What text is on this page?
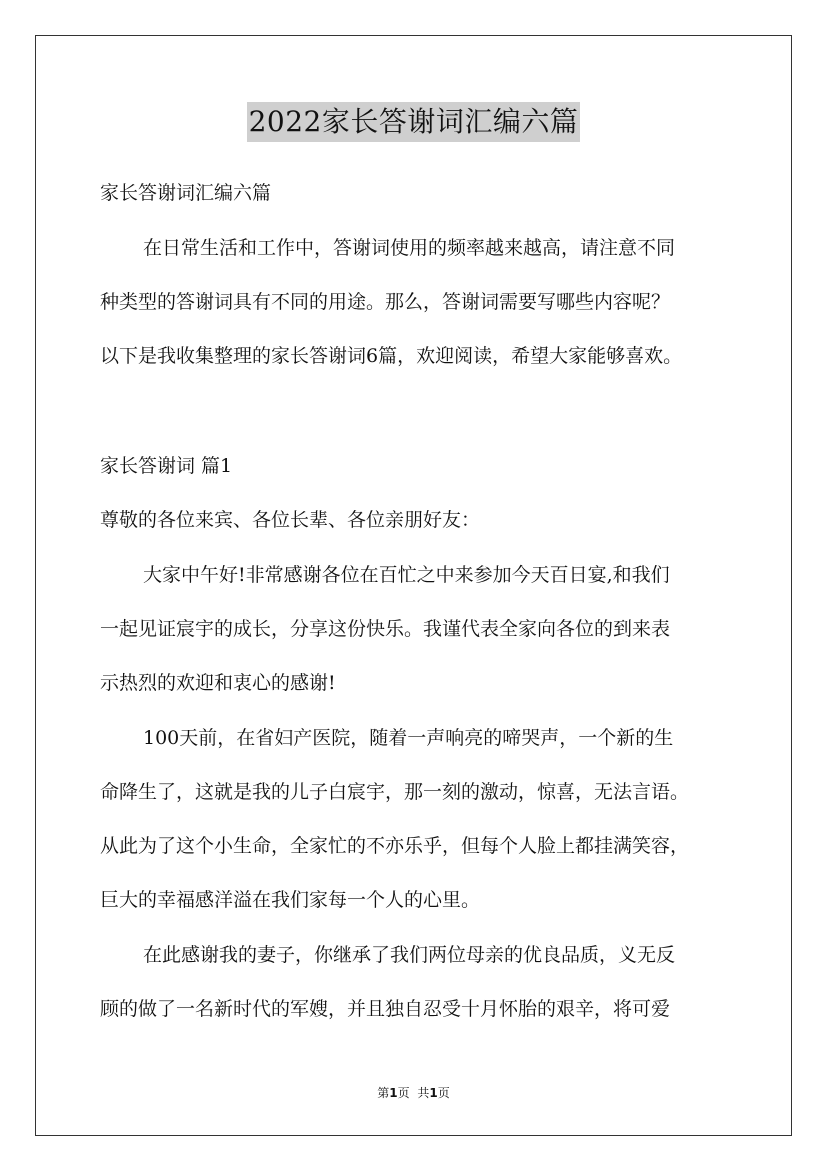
2022家长答谢词汇编六篇
家长答谢词汇编六篇
在日常生活和工作中，答谢词使用的频率越来越高，请注意不同
种类型的答谢词具有不同的用途。那么，答谢词需要写哪些内容呢？
以下是我收集整理的家长答谢词6篇，欢迎阅读，希望大家能够喜欢。
家长答谢词 篇1
尊敬的各位来宾、各位长辈、各位亲朋好友：
大家中午好!非常感谢各位在百忙之中来参加今天百日宴,和我们
一起见证宸宇的成长，分享这份快乐。我谨代表全家向各位的到来表
示热烈的欢迎和衷心的感谢!
100天前，在省妇产医院，随着一声响亮的啼哭声，一个新的生
命降生了，这就是我的儿子白宸宇，那一刻的激动，惊喜，无法言语。
从此为了这个小生命，全家忙的不亦乐乎，但每个人脸上都挂满笑容，
巨大的幸福感洋溢在我们家每一个人的心里。
在此感谢我的妻子，你继承了我们两位母亲的优良品质，义无反
顾的做了一名新时代的军嫂，并且独自忍受十月怀胎的艰辛，将可爱
第1页 共1页
